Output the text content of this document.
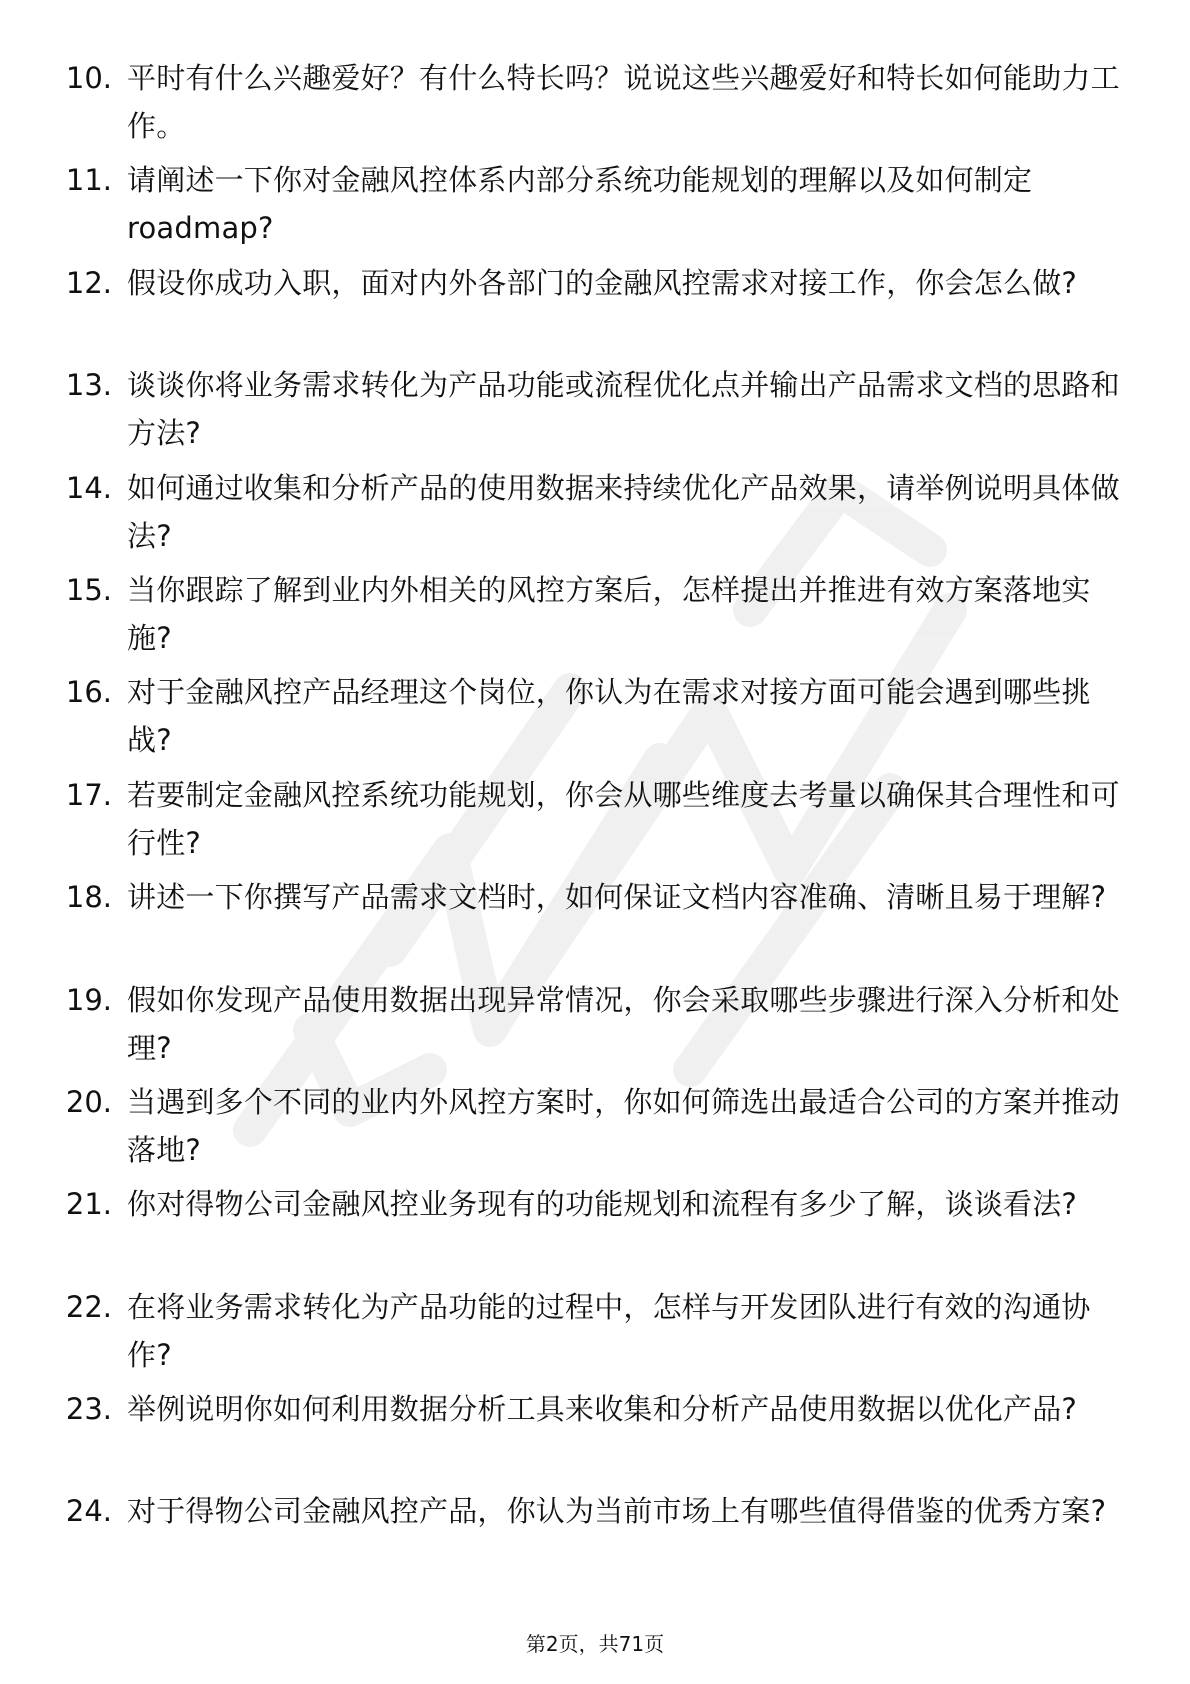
10. 平时有什么兴趣爱好？有什么特长吗？说说这些兴趣爱好和特长如何能助力工作。
11. 请阐述一下你对金融风控体系内部分系统功能规划的理解以及如何制定roadmap?
12. 假设你成功入职，面对内外各部门的金融风控需求对接工作，你会怎么做?
13. 谈谈你将业务需求转化为产品功能或流程优化点并输出产品需求文档的思路和方法?
14. 如何通过收集和分析产品的使用数据来持续优化产品效果，请举例说明具体做法?
15. 当你跟踪了解到业内外相关的风控方案后，怎样提出并推进有效方案落地实施?
16. 对于金融风控产品经理这个岗位，你认为在需求对接方面可能会遇到哪些挑战?
17. 若要制定金融风控系统功能规划，你会从哪些维度去考量以确保其合理性和可行性?
18. 讲述一下你撰写产品需求文档时，如何保证文档内容准确、清晰且易于理解?
19. 假如你发现产品使用数据出现异常情况，你会采取哪些步骤进行深入分析和处理?
20. 当遇到多个不同的业内外风控方案时，你如何筛选出最适合公司的方案并推动落地?
21. 你对得物公司金融风控业务现有的功能规划和流程有多少了解，谈谈看法?
22. 在将业务需求转化为产品功能的过程中，怎样与开发团队进行有效的沟通协作?
23. 举例说明你如何利用数据分析工具来收集和分析产品使用数据以优化产品?
24. 对于得物公司金融风控产品，你认为当前市场上有哪些值得借鉴的优秀方案?
第2页，共71页
